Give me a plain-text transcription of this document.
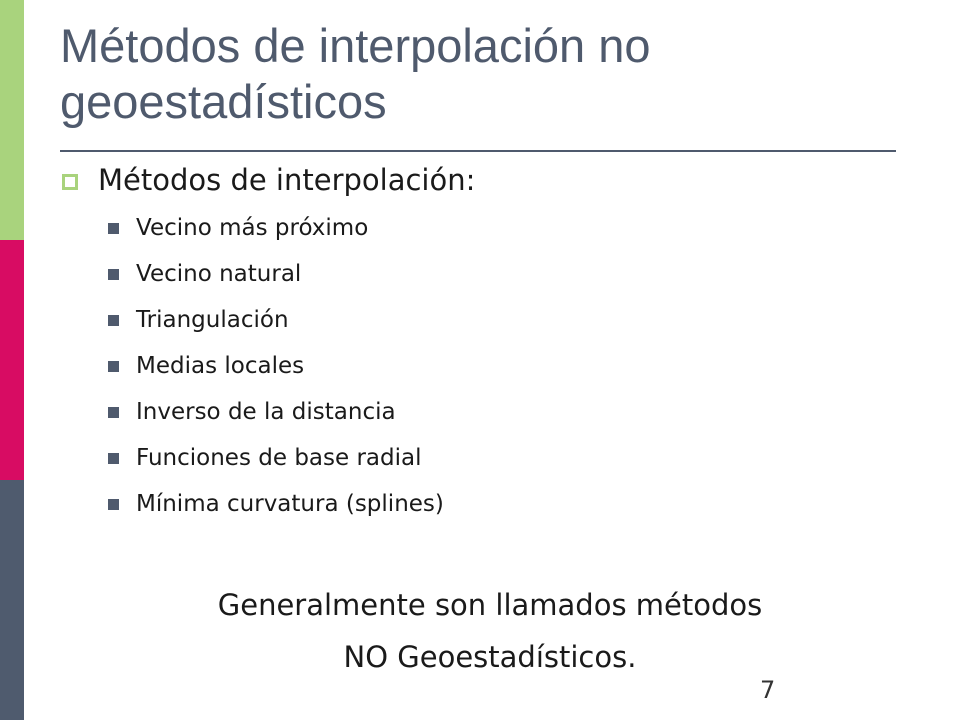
Métodos de interpolación no geoestadísticos
Métodos de interpolación:
Vecino más próximo
Vecino natural
Triangulación
Medias locales
Inverso de la distancia
Funciones de base radial
Mínima curvatura (splines)
Generalmente son llamados métodos
NO Geoestadísticos.
7
